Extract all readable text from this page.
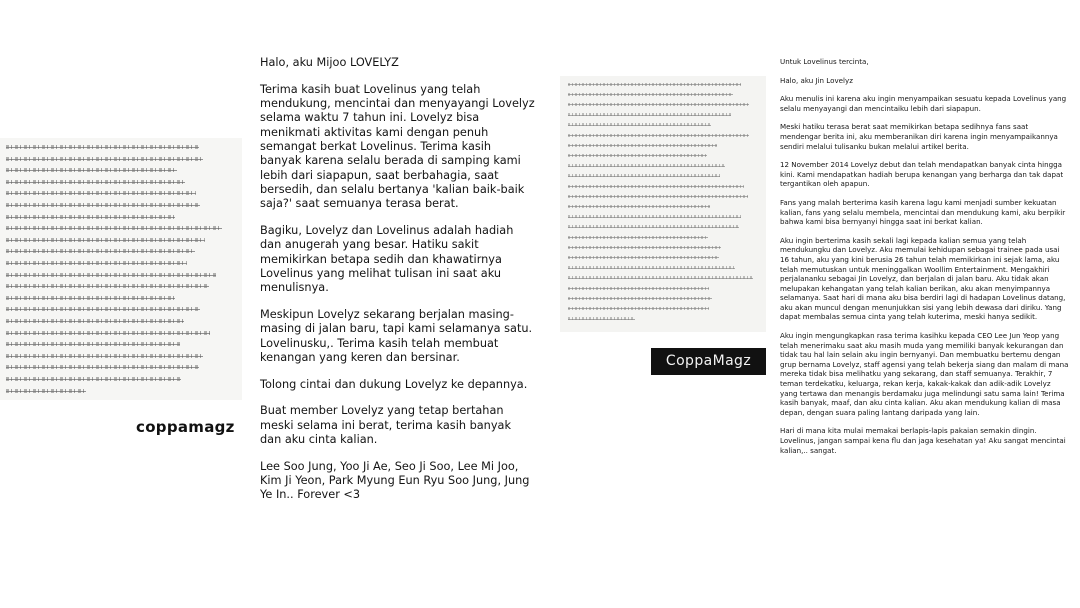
coppamagz

Halo, aku Mijoo LOVELYZ

Terima kasih buat Lovelinus yang telah mendukung, mencintai dan menyayangi Lovelyz selama waktu 7 tahun ini. Lovelyz bisa menikmati aktivitas kami dengan penuh semangat berkat Lovelinus. Terima kasih banyak karena selalu berada di samping kami lebih dari siapapun, saat berbahagia, saat bersedih, dan selalu bertanya 'kalian baik-baik saja?' saat semuanya terasa berat.

Bagiku, Lovelyz dan Lovelinus adalah hadiah dan anugerah yang besar. Hatiku sakit memikirkan betapa sedih dan khawatirnya Lovelinus yang melihat tulisan ini saat aku menulisnya.

Meskipun Lovelyz sekarang berjalan masing-masing di jalan baru, tapi kami selamanya satu. Lovelinusku,. Terima kasih telah membuat kenangan yang keren dan bersinar.

Tolong cintai dan dukung Lovelyz ke depannya.

Buat member Lovelyz yang tetap bertahan meski selama ini berat, terima kasih banyak dan aku cinta kalian.

Lee Soo Jung, Yoo Ji Ae, Seo Ji Soo, Lee Mi Joo, Kim Ji Yeon, Park Myung Eun Ryu Soo Jung, Jung Ye In.. Forever <3

CoppaMagz

Untuk Lovelinus tercinta,

Halo, aku Jin Lovelyz

Aku menulis ini karena aku ingin menyampaikan sesuatu kepada Lovelinus yang selalu menyayangi dan mencintaiku lebih dari siapapun.

Meski hatiku terasa berat saat memikirkan betapa sedihnya fans saat mendengar berita ini, aku memberanikan diri karena ingin menyampaikannya sendiri melalui tulisanku bukan melalui artikel berita.

12 November 2014 Lovelyz debut dan telah mendapatkan banyak cinta hingga kini. Kami mendapatkan hadiah berupa kenangan yang berharga dan tak dapat tergantikan oleh apapun.

Fans yang malah berterima kasih karena lagu kami menjadi sumber kekuatan kalian, fans yang selalu membela, mencintai dan mendukung kami, aku berpikir bahwa kami bisa bernyanyi hingga saat ini berkat kalian.

Aku ingin berterima kasih sekali lagi kepada kalian semua yang telah mendukungku dan Lovelyz. Aku memulai kehidupan sebagai trainee pada usai 16 tahun, aku yang kini berusia 26 tahun telah memikirkan ini sejak lama, aku telah memutuskan untuk meninggalkan Woollim Entertainment. Mengakhiri perjalananku sebagai Jin Lovelyz, dan berjalan di jalan baru. Aku tidak akan melupakan kehangatan yang telah kalian berikan, aku akan menyimpannya selamanya. Saat hari di mana aku bisa berdiri lagi di hadapan Lovelinus datang, aku akan muncul dengan menunjukkan sisi yang lebih dewasa dari diriku. Yang dapat membalas semua cinta yang telah kuterima, meski hanya sedikit.

Aku ingin mengungkapkan rasa terima kasihku kepada CEO Lee Jun Yeop yang telah menerimaku saat aku masih muda yang memiliki banyak kekurangan dan tidak tau hal lain selain aku ingin bernyanyi. Dan membuatku bertemu dengan grup bernama Lovelyz, staff agensi yang telah bekerja siang dan malam di mana mereka tidak bisa melihatku yang sekarang, dan staff semuanya. Terakhir, 7 teman terdekatku, keluarga, rekan kerja, kakak-kakak dan adik-adik Lovelyz yang tertawa dan menangis berdamaku juga melindungi satu sama lain! Terima kasih banyak, maaf, dan aku cinta kalian. Aku akan mendukung kalian di masa depan, dengan suara paling lantang daripada yang lain.

Hari di mana kita mulai memakai berlapis-lapis pakaian semakin dingin. Lovelinus, jangan sampai kena flu dan jaga kesehatan ya! Aku sangat mencintai kalian,.. sangat.
